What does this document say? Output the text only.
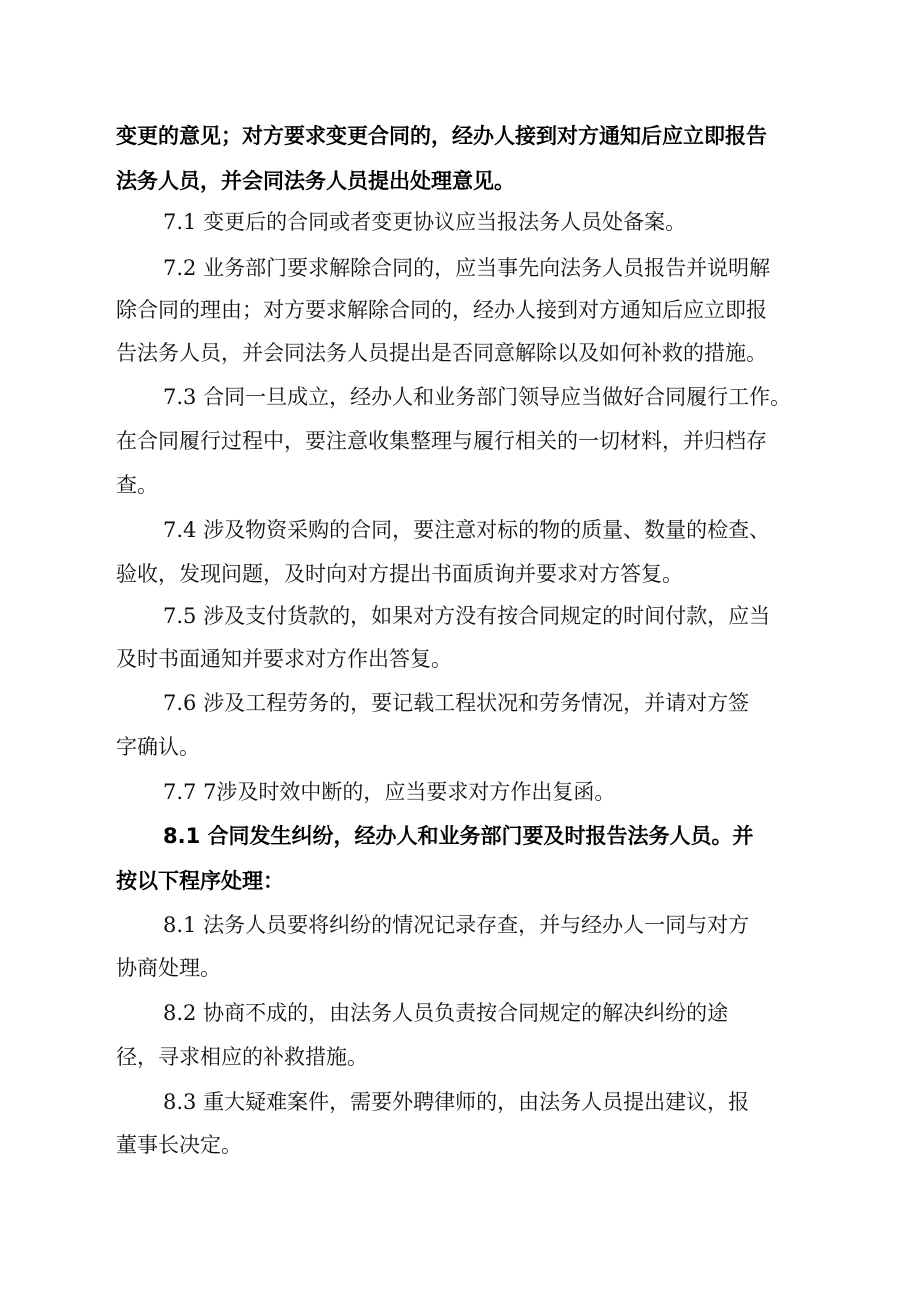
变更的意见；对方要求变更合同的，经办人接到对方通知后应立即报告
法务人员，并会同法务人员提出处理意见。
7.1 变更后的合同或者变更协议应当报法务人员处备案。
7.2 业务部门要求解除合同的，应当事先向法务人员报告并说明解
除合同的理由；对方要求解除合同的，经办人接到对方通知后应立即报
告法务人员，并会同法务人员提出是否同意解除以及如何补救的措施。
7.3 合同一旦成立，经办人和业务部门领导应当做好合同履行工作。
在合同履行过程中，要注意收集整理与履行相关的一切材料，并归档存
查。
7.4 涉及物资采购的合同，要注意对标的物的质量、数量的检查、
验收，发现问题，及时向对方提出书面质询并要求对方答复。
7.5 涉及支付货款的，如果对方没有按合同规定的时间付款，应当
及时书面通知并要求对方作出答复。
7.6 涉及工程劳务的，要记载工程状况和劳务情况，并请对方签
字确认。
7.7 7涉及时效中断的，应当要求对方作出复函。
8.1 合同发生纠纷，经办人和业务部门要及时报告法务人员。并
按以下程序处理：
8.1 法务人员要将纠纷的情况记录存查，并与经办人一同与对方
协商处理。
8.2 协商不成的，由法务人员负责按合同规定的解决纠纷的途
径，寻求相应的补救措施。
8.3 重大疑难案件，需要外聘律师的，由法务人员提出建议，报
董事长决定。
